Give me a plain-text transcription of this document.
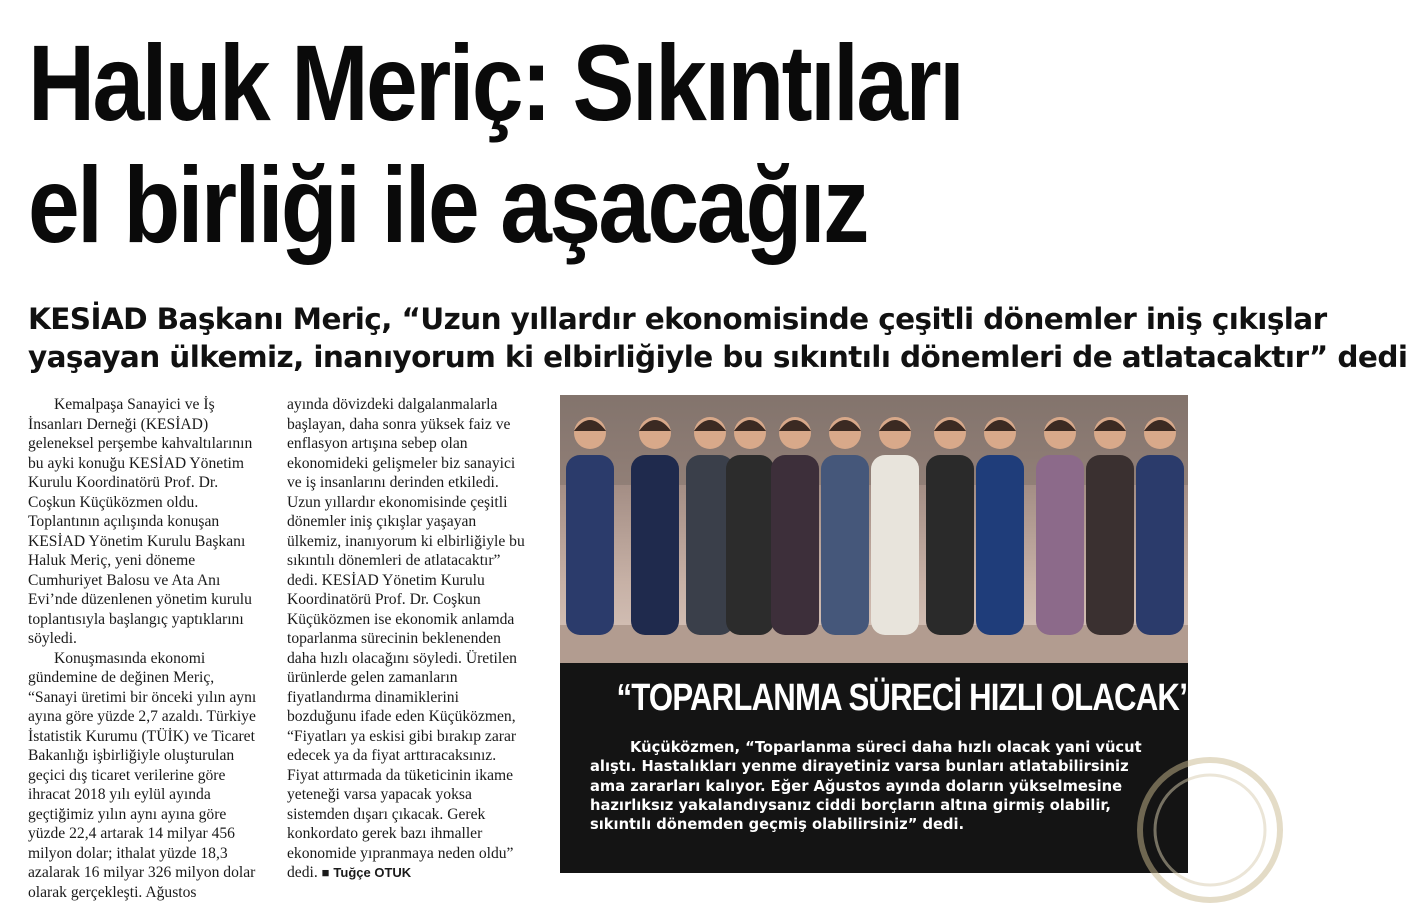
Haluk Meriç: Sıkıntıları
el birliği ile aşacağız
KESİAD Başkanı Meriç, “Uzun yıllardır ekonomisinde çeşitli dönemler iniş çıkışlar
yaşayan ülkemiz, inanıyorum ki elbirliğiyle bu sıkıntılı dönemleri de atlatacaktır” dedi

Kemalpaşa Sanayici ve İş İnsanları Derneği (KESİAD) geleneksel perşembe kahvaltılarının bu ayki konuğu KESİAD Yönetim Kurulu Koordinatörü Prof. Dr. Coşkun Küçüközmen oldu. Toplantının açılışında konuşan KESİAD Yönetim Kurulu Başkanı Haluk Meriç, yeni döneme Cumhuriyet Balosu ve Ata Anı Evi’nde düzenlenen yönetim kurulu toplantısıyla başlangıç yaptıklarını söyledi.

Konuşmasında ekonomi gündemine de değinen Meriç, “Sanayi üretimi bir önceki yılın aynı ayına göre yüzde 2,7 azaldı. Türkiye İstatistik Kurumu (TÜİK) ve Ticaret Bakanlığı işbirliğiyle oluşturulan geçici dış ticaret verilerine göre ihracat 2018 yılı eylül ayında geçtiğimiz yılın aynı ayına göre yüzde 22,4 artarak 14 milyar 456 milyon dolar; ithalat yüzde 18,3 azalarak 16 milyar 326 milyon dolar olarak gerçekleşti. Ağustos

ayında dövizdeki dalgalanmalarla başlayan, daha sonra yüksek faiz ve enflasyon artışına sebep olan ekonomideki gelişmeler biz sanayici ve iş insanlarını derinden etkiledi. Uzun yıllardır ekonomisinde çeşitli dönemler iniş çıkışlar yaşayan ülkemiz, inanıyorum ki elbirliğiyle bu sıkıntılı dönemleri de atlatacaktır” dedi. KESİAD Yönetim Kurulu Koordinatörü Prof. Dr. Coşkun Küçüközmen ise ekonomik anlamda toparlanma sürecinin beklenenden daha hızlı olacağını söyledi. Üretilen ürünlerde gelen zamanların fiyatlandırma dinamiklerini bozduğunu ifade eden Küçüközmen, “Fiyatları ya eskisi gibi bırakıp zarar edecek ya da fiyat arttıracaksınız. Fiyat attırmada da tüketicinin ikame yeteneği varsa yapacak yoksa sistemden dışarı çıkacak. Gerek konkordato gerek bazı ihmaller ekonomide yıpranmaya neden oldu” dedi. ■ Tuğçe OTUK

“TOPARLANMA SÜRECİ HIZLI OLACAK”
Küçüközmen, “Toparlanma süreci daha hızlı olacak yani vücut alıştı. Hastalıkları yenme dirayetiniz varsa bunları atlatabilirsiniz ama zararları kalıyor. Eğer Ağustos ayında doların yükselmesine hazırlıksız yakalandıysanız ciddi borçların altına girmiş olabilir, sıkıntılı dönemden geçmiş olabilirsiniz” dedi.
